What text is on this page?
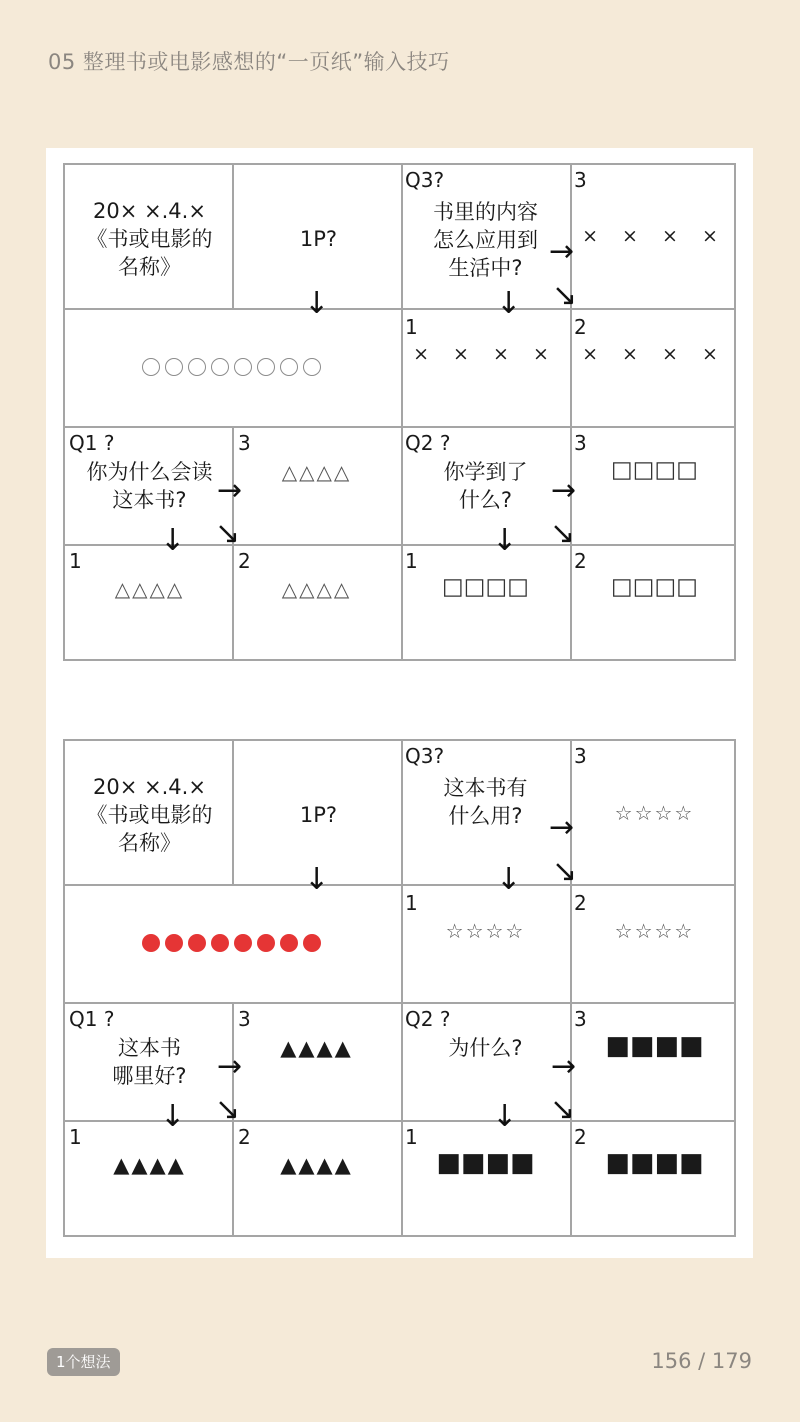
05 整理书或电影感想的“一页纸”输入技巧
20× ×.4.×
《书或电影的
名称》
1P?
↓
Q3?
书里的内容
怎么应用到
生活中?
3
× × × ×
1
× × × ×
2
× × × ×
→
↓ ↘
Q1 ?
你为什么会读
这本书?
3
△△△△
1
△△△△
2
△△△△
→
↓ ↘
Q2 ?
你学到了
什么?
3
□□□□
1
□□□□
2
□□□□
→
↓ ↘
20× ×.4.×
《书或电影的
名称》
1P?
↓
Q3?
这本书有
什么用?
3
☆☆☆☆
1
☆☆☆☆
2
☆☆☆☆
→
↓ ↘
Q1 ?
这本书
哪里好?
3
▲▲▲▲
1
▲▲▲▲
2
▲▲▲▲
→
↓ ↘
Q2 ?
为什么?
3
■■■■
1
■■■■
2
■■■■
→
↓ ↘
1个想法	156 / 179
